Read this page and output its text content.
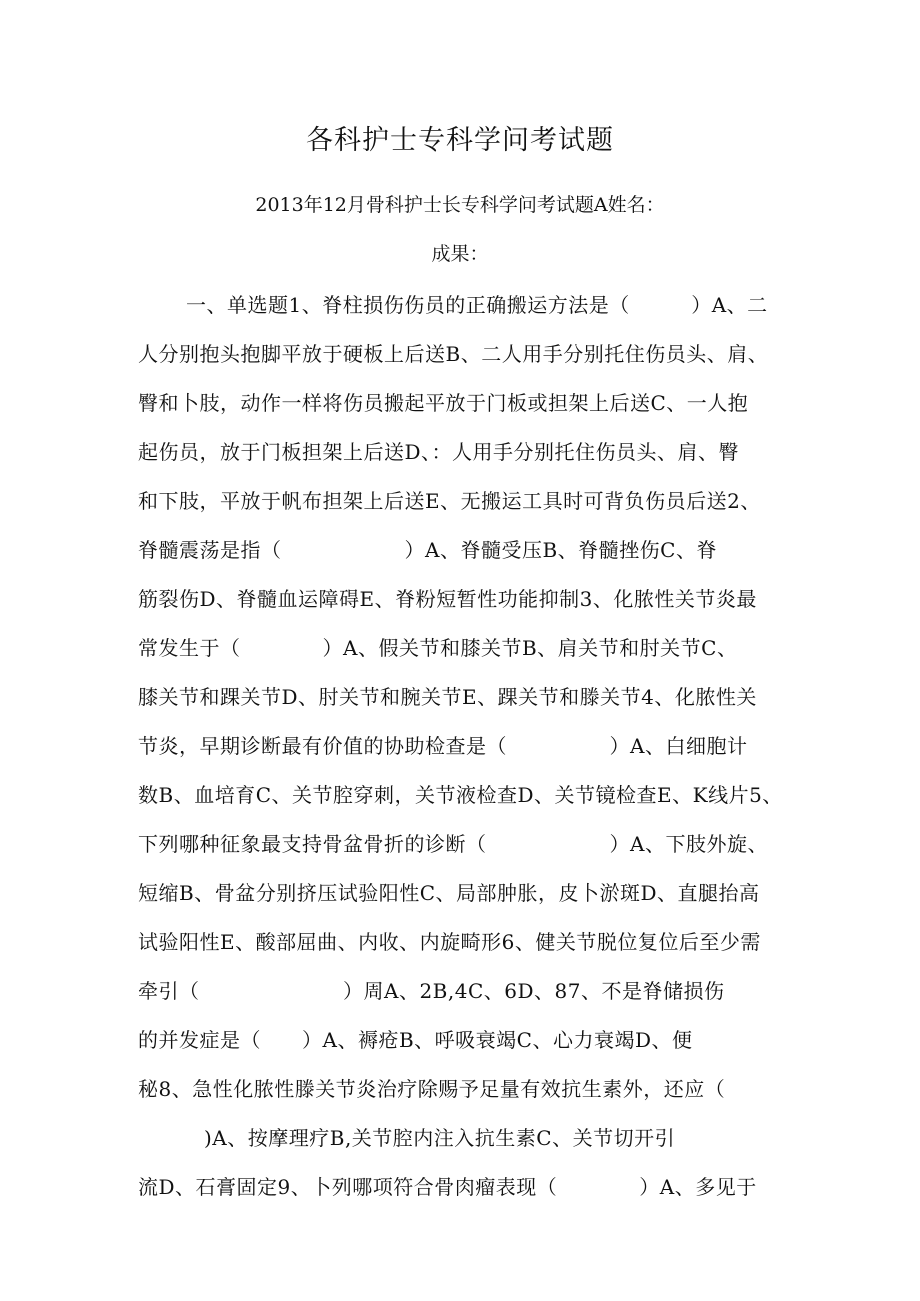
各科护士专科学问考试题
2013年12月骨科护士长专科学问考试题A姓名：
成果：
一、单选题1、脊柱损伤伤员的正确搬运方法是（　　　）A、二
人分别抱头抱脚平放于硬板上后送B、二人用手分别托住伤员头、肩、
臀和卜肢，动作一样将伤员搬起平放于门板或担架上后送C、一人抱
起伤员，放于门板担架上后送D、：人用手分别托住伤员头、肩、臀
和下肢，平放于帆布担架上后送E、无搬运工具时可背负伤员后送2、
脊髓震荡是指（　　　　　　）A、脊髓受压B、脊髓挫伤C、脊
筋裂伤D、脊髓血运障碍E、脊粉短暂性功能抑制3、化脓性关节炎最
常发生于（　　　　）A、假关节和膝关节B、肩关节和肘关节C、
膝关节和踝关节D、肘关节和腕关节E、踝关节和滕关节4、化脓性关
节炎，早期诊断最有价值的协助检查是（　　　　　）A、白细胞计
数B、血培育C、关节腔穿刺，关节液检查D、关节镜检查E、K线片5、
下列哪种征象最支持骨盆骨折的诊断（　　　　　　）A、下肢外旋、
短缩B、骨盆分别挤压试验阳性C、局部肿胀，皮卜淤斑D、直腿抬高
试验阳性E、酸部屈曲、内收、内旋畸形6、健关节脱位复位后至少需
牵引（　　　　　　　）周A、2B,4C、6D、87、不是脊储损伤
的并发症是（　　）A、褥疮B、呼吸衰竭C、心力衰竭D、便
秘8、急性化脓性滕关节炎治疗除赐予足量有效抗生素外，还应（
)A、按摩理疗B,关节腔内注入抗生素C、关节切开引
流D、石膏固定9、卜列哪项符合骨肉瘤表现（　　　　）A、多见于
